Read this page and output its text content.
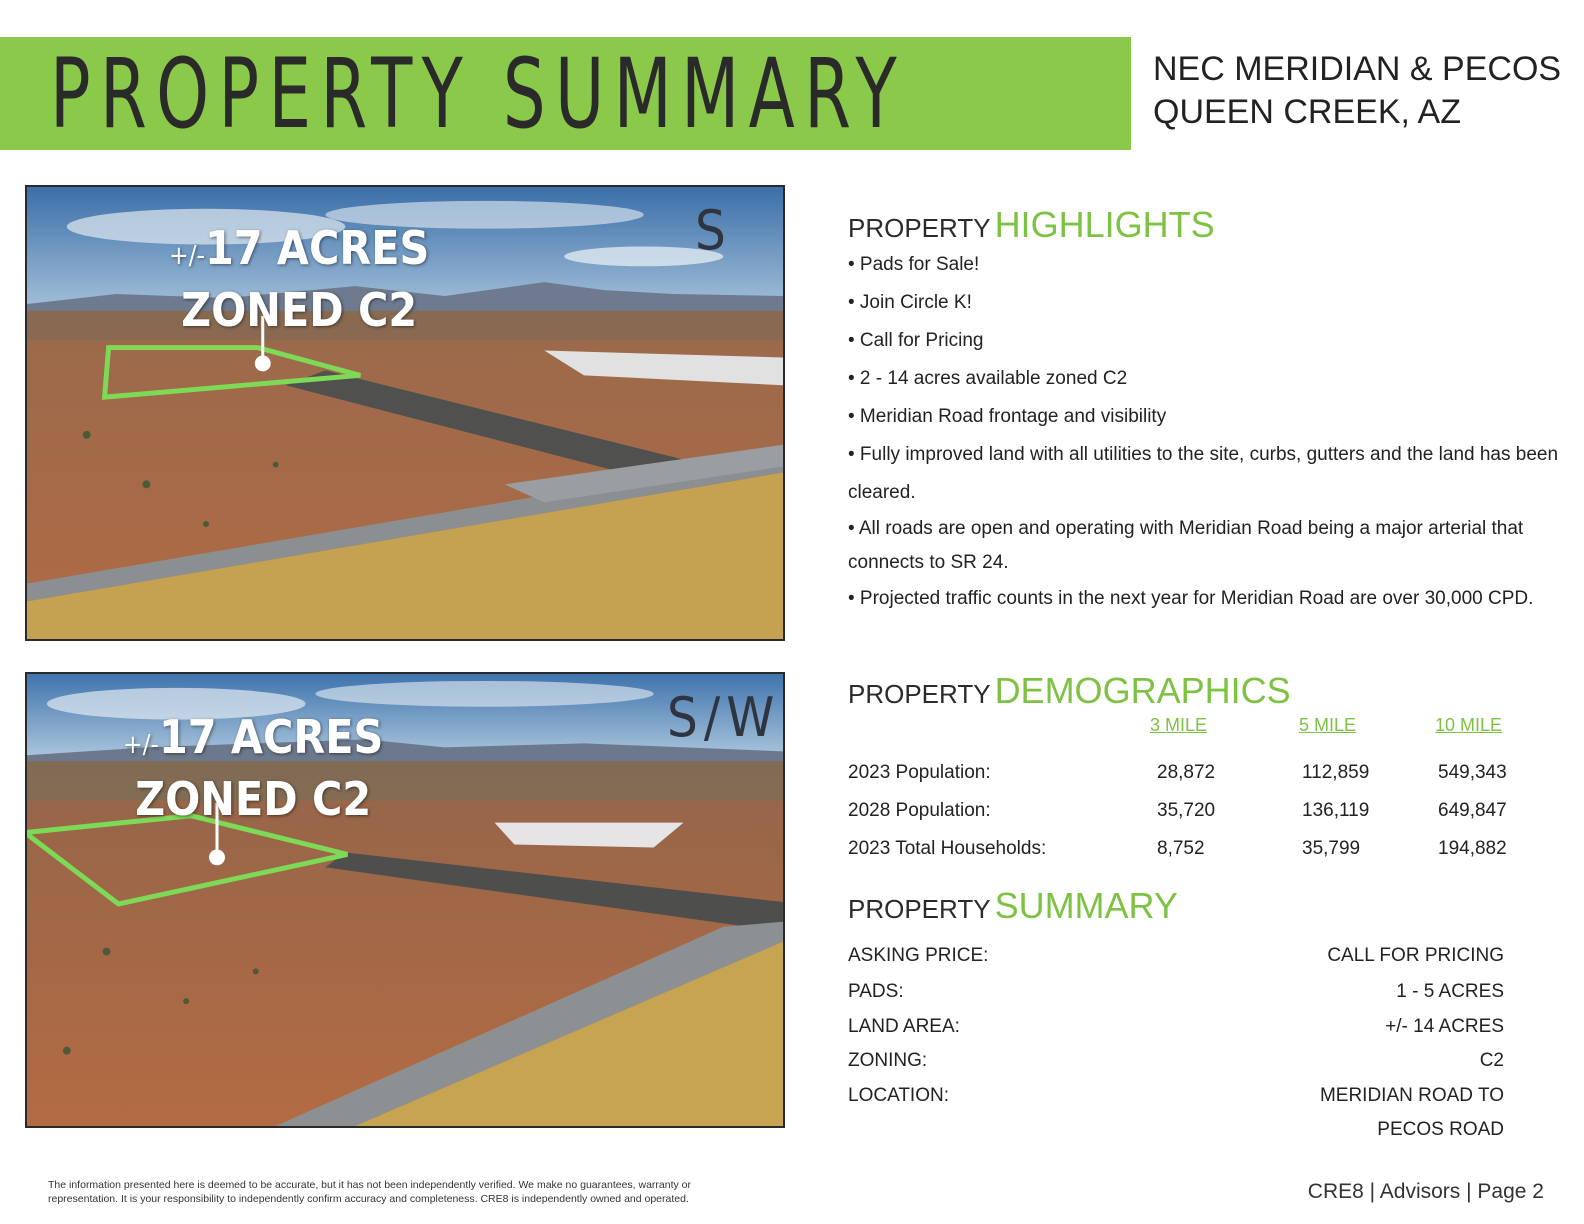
PROPERTY SUMMARY	NEC MERIDIAN & PECOS
QUEEN CREEK, AZ
+/-17 ACRES
ZONED C2
S
+/-17 ACRES
ZONED C2
S/W
PROPERTY HIGHLIGHTS
• Pads for Sale!
• Join Circle K!
• Call for Pricing
• 2 - 14 acres available zoned C2
• Meridian Road frontage and visibility
• Fully improved land with all utilities to the site, curbs, gutters and the land has been cleared.
• All roads are open and operating with Meridian Road being a major arterial that connects to SR 24.
• Projected traffic counts in the next year for Meridian Road are over 30,000 CPD.
PROPERTY DEMOGRAPHICS
3 MILE	5 MILE	10 MILE
2023 Population:	28,872	112,859	549,343
2028 Population:	35,720	136,119	649,847
2023 Total Households:	8,752	35,799	194,882
PROPERTY SUMMARY
ASKING PRICE:	CALL FOR PRICING
PADS:	1 - 5 ACRES
LAND AREA:	+/- 14 ACRES
ZONING:	C2
LOCATION:	MERIDIAN ROAD TO
PECOS ROAD
The information presented here is deemed to be accurate, but it has not been independently verified. We make no guarantees, warranty or
representation. It is your responsibility to independently confirm accuracy and completeness. CRE8 is independently owned and operated.	CRE8 | Advisors | Page 2
